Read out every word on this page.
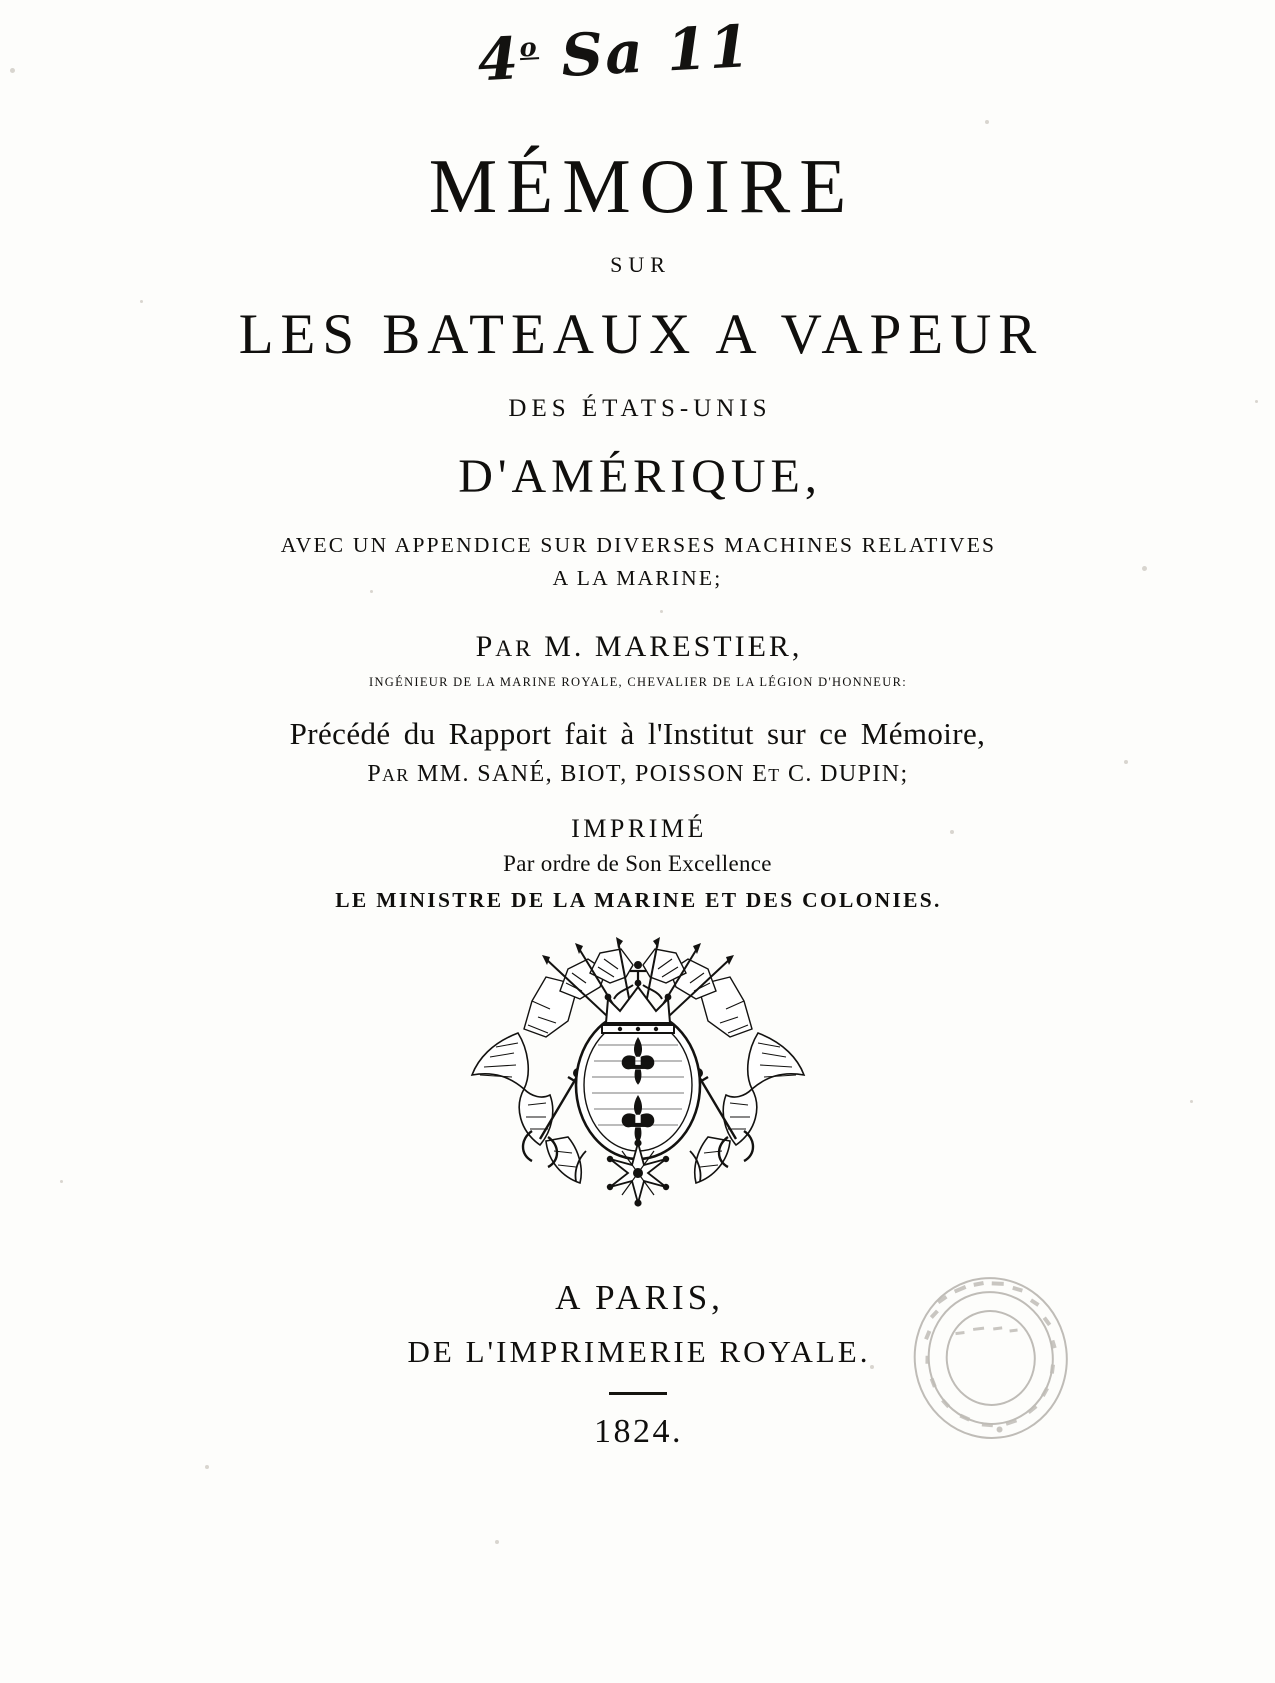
4$^o$ Sa 11
MÉMOIRE
SUR
LES BATEAUX A VAPEUR
DES ÉTATS-UNIS
D'AMÉRIQUE,
AVEC UN APPENDICE SUR DIVERSES MACHINES RELATIVES
A LA MARINE;
PAR M. MARESTIER,
INGÉNIEUR DE LA MARINE ROYALE, CHEVALIER DE LA LÉGION D'HONNEUR:
Précédé du Rapport fait à l'Institut sur ce Mémoire,
PAR MM. SANÉ, BIOT, POISSON ET C. DUPIN;
IMPRIMÉ
Par ordre de Son Excellence
LE MINISTRE DE LA MARINE ET DES COLONIES.
A PARIS,
DE L'IMPRIMERIE ROYALE.
1824.
